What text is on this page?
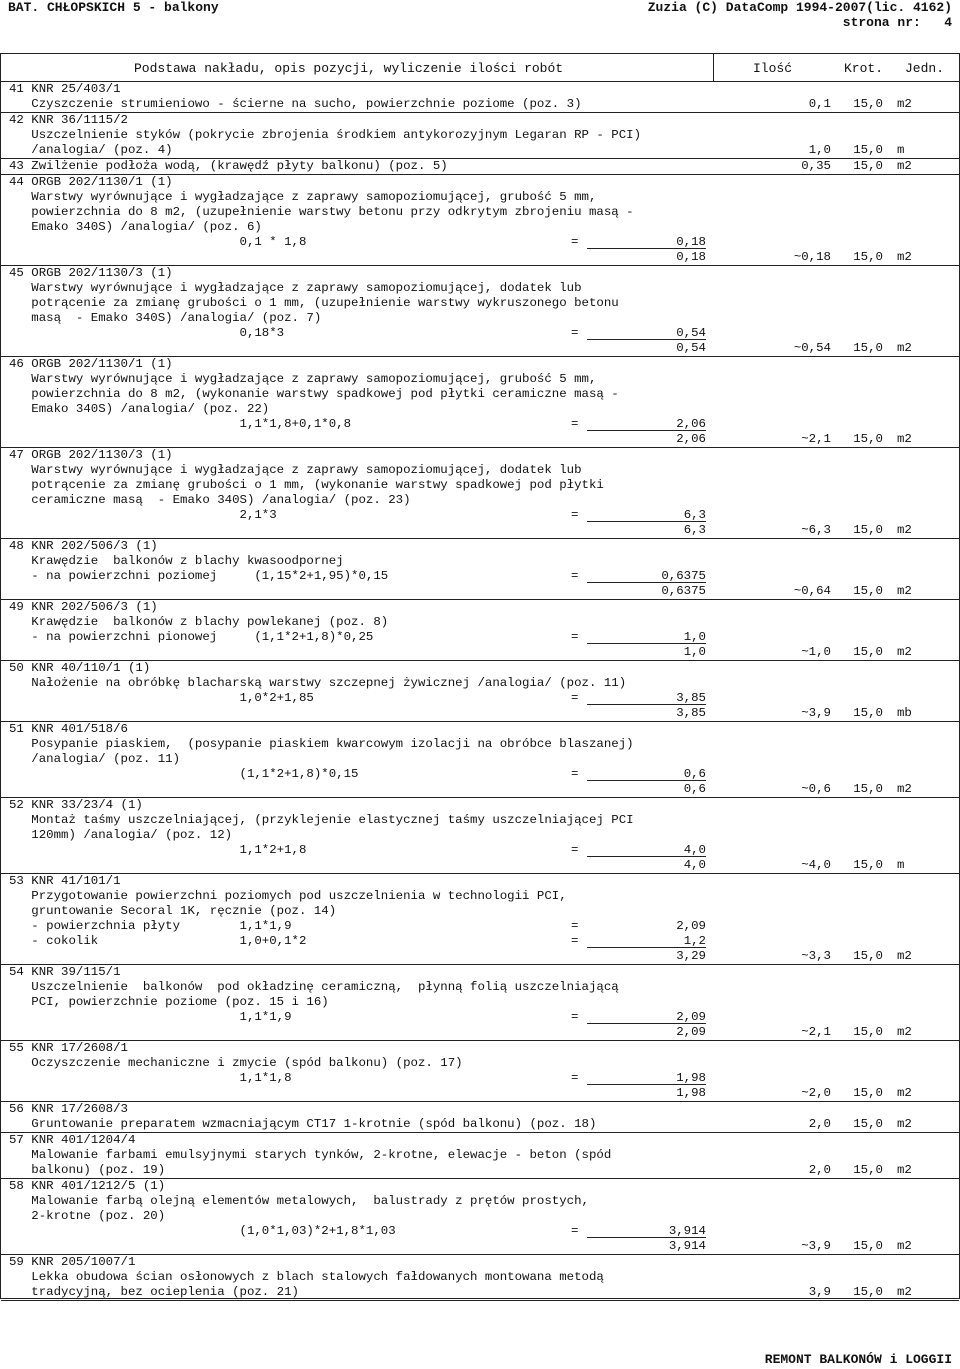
BAT. CHŁOPSKICH 5 - balkony	Zuzia (C) DataComp 1994-2007(lic. 4162)
strona nr:   4
Podstawa nakładu, opis pozycji, wyliczenie ilości robót	Ilość	Krot. Jedn.
41 KNR 25/403/1
Czyszczenie strumieniowo - ścierne na sucho, powierzchnie poziome (poz. 3)	0,1	15,0 m2
42 KNR 36/1115/2
Uszczelnienie styków (pokrycie zbrojenia środkiem antykorozyjnym Legaran RP - PCI)
/analogia/ (poz. 4)	1,0	15,0 m
43 Zwilżenie podłoża wodą, (krawędź płyty balkonu) (poz. 5)	0,35	15,0 m2
44 ORGB 202/1130/1 (1)
Warstwy wyrównujące i wygładzające z zaprawy samopoziomującej, grubość 5 mm,
powierzchnia do 8 m2, (uzupełnienie warstwy betonu przy odkrytym zbrojeniu masą -
Emako 340S) /analogia/ (poz. 6)
0,1 * 1,8	=	0,18
0,18	~0,18	15,0 m2
45 ORGB 202/1130/3 (1)
Warstwy wyrównujące i wygładzające z zaprawy samopoziomującej, dodatek lub
potrącenie za zmianę grubości o 1 mm, (uzupełnienie warstwy wykruszonego betonu
masą  - Emako 340S) /analogia/ (poz. 7)
0,18*3	=	0,54
0,54	~0,54	15,0 m2
46 ORGB 202/1130/1 (1)
Warstwy wyrównujące i wygładzające z zaprawy samopoziomującej, grubość 5 mm,
powierzchnia do 8 m2, (wykonanie warstwy spadkowej pod płytki ceramiczne masą -
Emako 340S) /analogia/ (poz. 22)
1,1*1,8+0,1*0,8	=	2,06
2,06	~2,1	15,0 m2
47 ORGB 202/1130/3 (1)
Warstwy wyrównujące i wygładzające z zaprawy samopoziomującej, dodatek lub
potrącenie za zmianę grubości o 1 mm, (wykonanie warstwy spadkowej pod płytki
ceramiczne masą  - Emako 340S) /analogia/ (poz. 23)
2,1*3	=	6,3
6,3	~6,3	15,0 m2
48 KNR 202/506/3 (1)
Krawędzie  balkonów z blachy kwasoodpornej
- na powierzchni poziomej     (1,15*2+1,95)*0,15	=	0,6375
0,6375	~0,64	15,0 m2
49 KNR 202/506/3 (1)
Krawędzie  balkonów z blachy powlekanej (poz. 8)
- na powierzchni pionowej     (1,1*2+1,8)*0,25	=	1,0
1,0	~1,0	15,0 m2
50 KNR 40/110/1 (1)
Nałożenie na obróbkę blacharską warstwy szczepnej żywicznej /analogia/ (poz. 11)
1,0*2+1,85	=	3,85
3,85	~3,9	15,0 mb
51 KNR 401/518/6
Posypanie piaskiem,  (posypanie piaskiem kwarcowym izolacji na obróbce blaszanej)
/analogia/ (poz. 11)
(1,1*2+1,8)*0,15	=	0,6
0,6	~0,6	15,0 m2
52 KNR 33/23/4 (1)
Montaż taśmy uszczelniającej, (przyklejenie elastycznej taśmy uszczelniającej PCI
120mm) /analogia/ (poz. 12)
1,1*2+1,8	=	4,0
4,0	~4,0	15,0 m
53 KNR 41/101/1
Przygotowanie powierzchni poziomych pod uszczelnienia w technologii PCI,
gruntowanie Secoral 1K, ręcznie (poz. 14)
- powierzchnia płyty        1,1*1,9	=	2,09
- cokolik                   1,0+0,1*2	=	1,2
3,29	~3,3	15,0 m2
54 KNR 39/115/1
Uszczelnienie  balkonów  pod okładzinę ceramiczną,  płynną folią uszczelniającą
PCI, powierzchnie poziome (poz. 15 i 16)
1,1*1,9	=	2,09
2,09	~2,1	15,0 m2
55 KNR 17/2608/1
Oczyszczenie mechaniczne i zmycie (spód balkonu) (poz. 17)
1,1*1,8	=	1,98
1,98	~2,0	15,0 m2
56 KNR 17/2608/3
Gruntowanie preparatem wzmacniającym CT17 1-krotnie (spód balkonu) (poz. 18)	2,0	15,0 m2
57 KNR 401/1204/4
Malowanie farbami emulsyjnymi starych tynków, 2-krotne, elewacje - beton (spód
balkonu) (poz. 19)	2,0	15,0 m2
58 KNR 401/1212/5 (1)
Malowanie farbą olejną elementów metalowych,  balustrady z prętów prostych,
2-krotne (poz. 20)
(1,0*1,03)*2+1,8*1,03	=	3,914
3,914	~3,9	15,0 m2
59 KNR 205/1007/1
Lekka obudowa ścian osłonowych z blach stalowych fałdowanych montowana metodą
tradycyjną, bez ocieplenia (poz. 21)	3,9	15,0 m2
REMONT BALKONÓW i LOGGII
